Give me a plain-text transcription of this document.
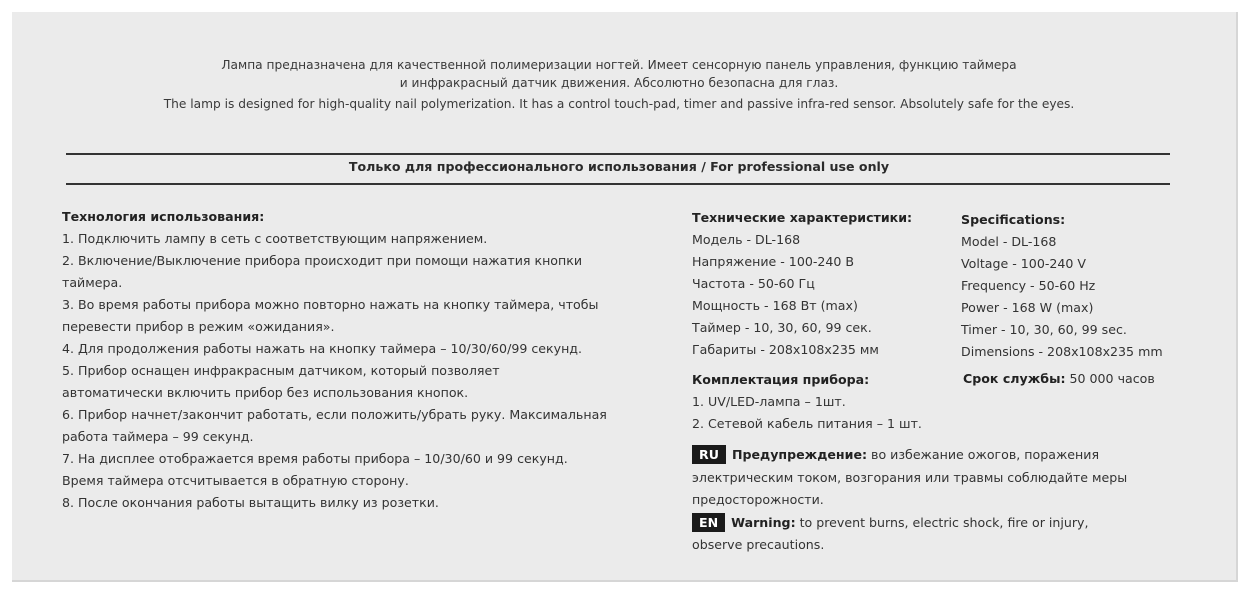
Лампа предназначена для качественной полимеризации ногтей. Имеет сенсорную панель управления, функцию таймера
и инфракрасный датчик движения. Абсолютно безопасна для глаз.
The lamp is designed for high-quality nail polymerization. It has a control touch-pad, timer and passive infra-red sensor. Absolutely safe for the eyes.
Только для профессионального использования / For professional use only
Технология использования:
1. Подключить лампу в сеть с соответствующим напряжением.
2. Включение/Выключение прибора происходит при помощи нажатия кнопки
таймера.
3. Во время работы прибора можно повторно нажать на кнопку таймера, чтобы
перевести прибор в режим «ожидания».
4. Для продолжения работы нажать на кнопку таймера – 10/30/60/99 секунд.
5. Прибор оснащен инфракрасным датчиком, который позволяет
автоматически включить прибор без использования кнопок.
6. Прибор начнет/закончит работать, если положить/убрать руку. Максимальная
работа таймера – 99 секунд.
7. На дисплее отображается время работы прибора – 10/30/60 и 99 секунд.
Время таймера отсчитывается в обратную сторону.
8. После окончания работы вытащить вилку из розетки.
Технические характеристики:
Модель - DL-168
Напряжение - 100-240 В
Частота - 50-60 Гц
Мощность - 168 Вт (max)
Таймер - 10, 30, 60, 99 сек.
Габариты - 208x108x235 мм
Specifications:
Model - DL-168
Voltage - 100-240 V
Frequency - 50-60 Hz
Power - 168 W (max)
Timer - 10, 30, 60, 99 sec.
Dimensions - 208x108x235 mm
Срок службы: 50 000 часов
Комплектация прибора:
1. UV/LED-лампа – 1шт.
2. Сетевой кабель питания – 1 шт.
RU Предупреждение: во избежание ожогов, поражения
электрическим током, возгорания или травмы соблюдайте меры
предосторожности.
EN Warning: to prevent burns, electric shock, fire or injury,
observe precautions.
